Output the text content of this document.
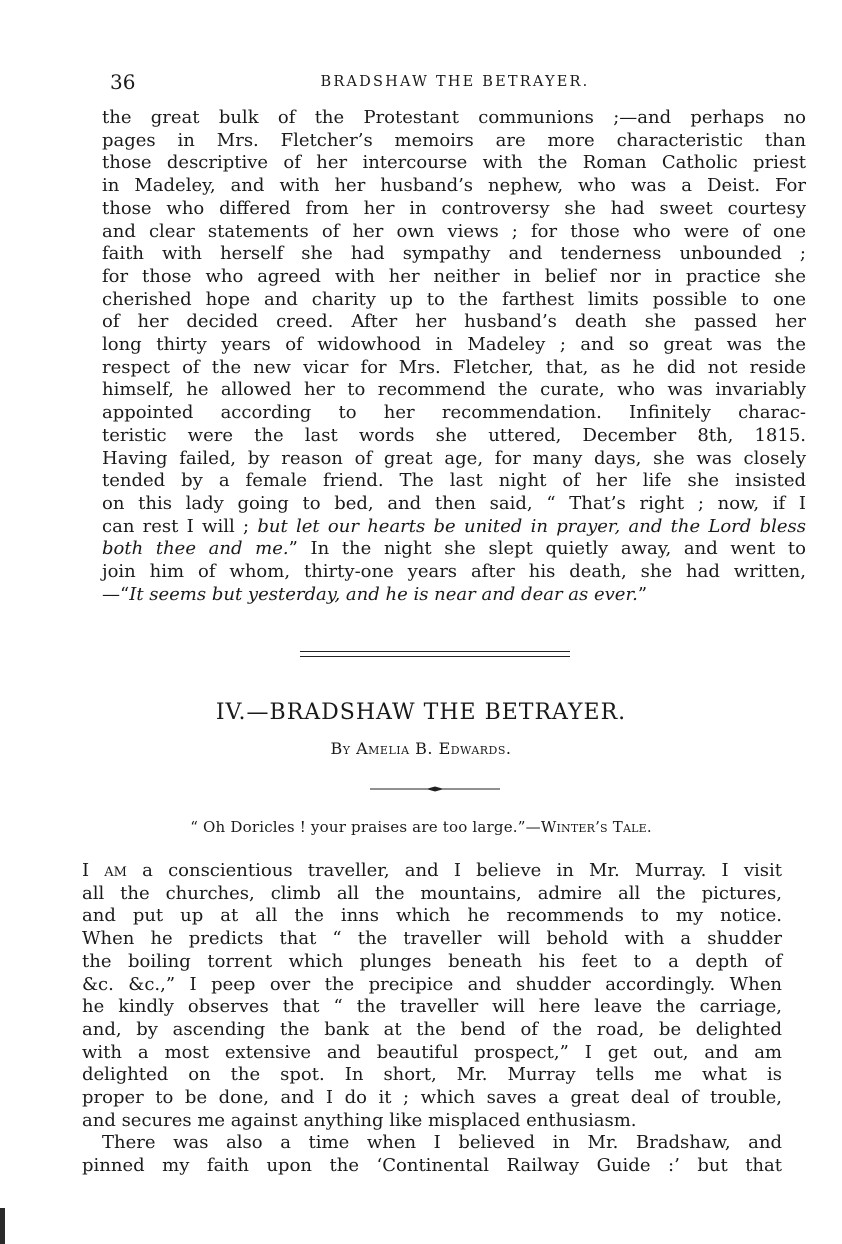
36	BRADSHAW THE BETRAYER.
the great bulk of the Protestant communions ;—and perhaps no
pages in Mrs. Fletcher’s memoirs are more characteristic than
those descriptive of her intercourse with the Roman Catholic priest
in Madeley, and with her husband’s nephew, who was a Deist. For
those who differed from her in controversy she had sweet courtesy
and clear statements of her own views ; for those who were of one
faith with herself she had sympathy and tenderness unbounded ;
for those who agreed with her neither in belief nor in practice she
cherished hope and charity up to the farthest limits possible to one
of her decided creed. After her husband’s death she passed her
long thirty years of widowhood in Madeley ; and so great was the
respect of the new vicar for Mrs. Fletcher, that, as he did not reside
himself, he allowed her to recommend the curate, who was invariably
appointed according to her recommendation. Infinitely charac-
teristic were the last words she uttered, December 8th, 1815.
Having failed, by reason of great age, for many days, she was closely
tended by a female friend. The last night of her life she insisted
on this lady going to bed, and then said, “ That’s right ; now, if I
can rest I will ; but let our hearts be united in prayer, and the Lord bless
both thee and me.” In the night she slept quietly away, and went to
join him of whom, thirty-one years after his death, she had written,
—“It seems but yesterday, and he is near and dear as ever.”
IV.—BRADSHAW THE BETRAYER.
By Amelia B. Edwards.
“ Oh Doricles ! your praises are too large.”—Winter’s Tale.
I am a conscientious traveller, and I believe in Mr. Murray. I visit
all the churches, climb all the mountains, admire all the pictures,
and put up at all the inns which he recommends to my notice.
When he predicts that “ the traveller will behold with a shudder
the boiling torrent which plunges beneath his feet to a depth of
&c. &c.,” I peep over the precipice and shudder accordingly. When
he kindly observes that “ the traveller will here leave the carriage,
and, by ascending the bank at the bend of the road, be delighted
with a most extensive and beautiful prospect,” I get out, and am
delighted on the spot. In short, Mr. Murray tells me what is
proper to be done, and I do it ; which saves a great deal of trouble,
and secures me against anything like misplaced enthusiasm.
There was also a time when I believed in Mr. Bradshaw, and
pinned my faith upon the ‘Continental Railway Guide :’ but that
